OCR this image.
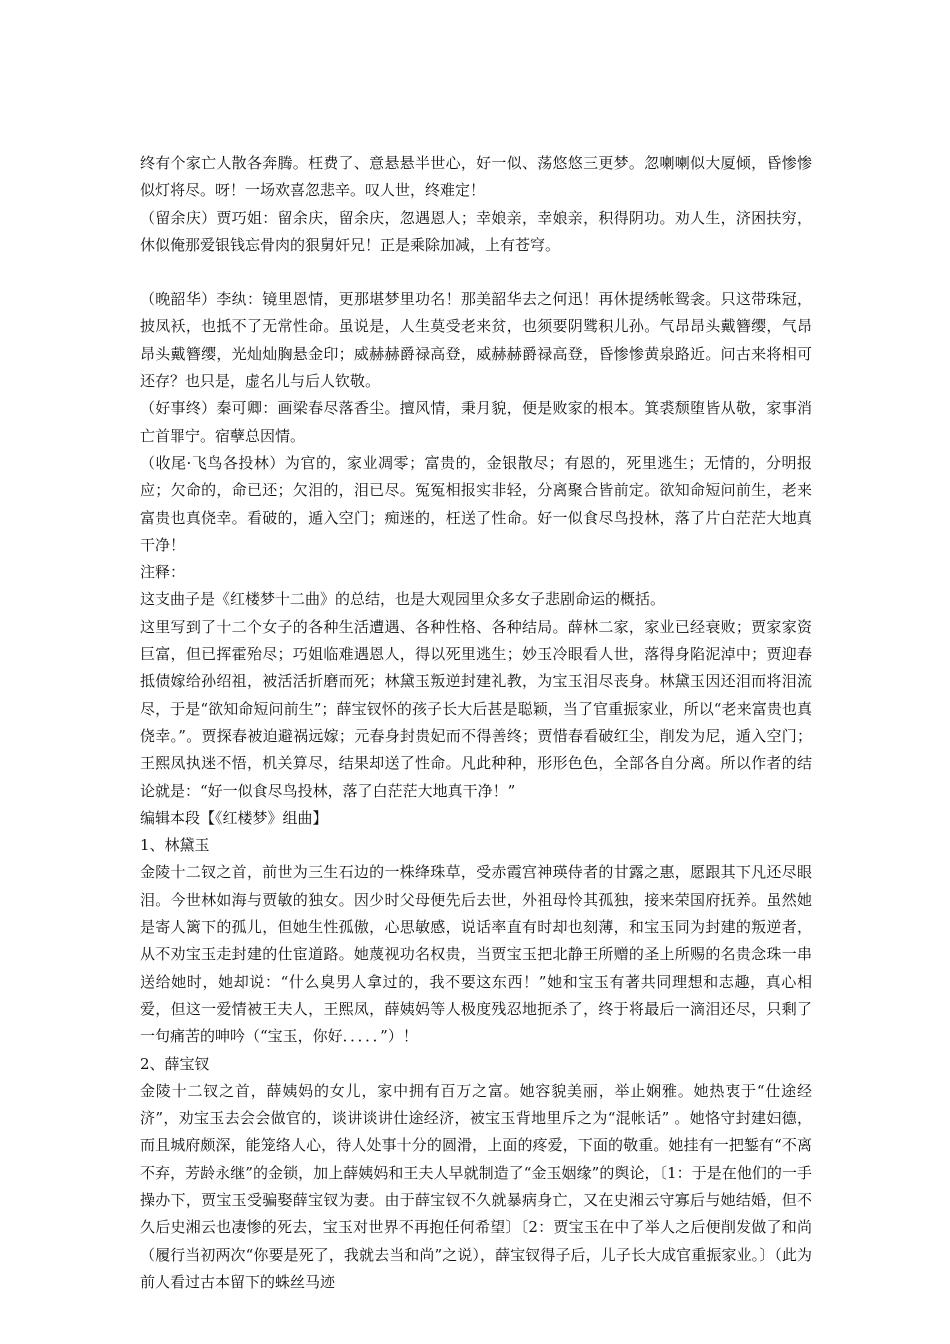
终有个家亡人散各奔腾。枉费了、意悬悬半世心，好一似、荡悠悠三更梦。忽喇喇似大厦倾，昏惨惨似灯将尽。呀！一场欢喜忽悲辛。叹人世，终难定！

（留余庆）贾巧姐：留余庆，留余庆，忽遇恩人；幸娘亲，幸娘亲，积得阴功。劝人生，济困扶穷，休似俺那爱银钱忘骨肉的狠舅奸兄！正是乘除加减，上有苍穹。

（晚韶华）李纨：镜里恩情，更那堪梦里功名！那美韶华去之何迅！再休提绣帐鸳衾。只这带珠冠，披凤袄，也抵不了无常性命。虽说是，人生莫受老来贫，也须要阴骘积儿孙。气昂昂头戴簪缨，气昂昂头戴簪缨，光灿灿胸悬金印；威赫赫爵禄高登，威赫赫爵禄高登，昏惨惨黄泉路近。问古来将相可还存？也只是，虚名儿与后人钦敬。

（好事终）秦可卿：画梁春尽落香尘。擅风情，秉月貌，便是败家的根本。箕裘颓堕皆从敬，家事消亡首罪宁。宿孽总因情。

（收尾·飞鸟各投林）为官的，家业凋零；富贵的，金银散尽；有恩的，死里逃生；无情的，分明报应；欠命的，命已还；欠泪的，泪已尽。冤冤相报实非轻，分离聚合皆前定。欲知命短问前生，老来富贵也真侥幸。看破的，遁入空门；痴迷的，枉送了性命。好一似食尽鸟投林，落了片白茫茫大地真干净！

注释：

这支曲子是《红楼梦十二曲》的总结，也是大观园里众多女子悲剧命运的概括。

这里写到了十二个女子的各种生活遭遇、各种性格、各种结局。薛林二家，家业已经衰败；贾家家资巨富，但已挥霍殆尽；巧姐临难遇恩人，得以死里逃生；妙玉冷眼看人世，落得身陷泥淖中；贾迎春抵债嫁给孙绍祖，被活活折磨而死；林黛玉叛逆封建礼教，为宝玉泪尽丧身。林黛玉因还泪而将泪流尽，于是“欲知命短问前生”；薛宝钗怀的孩子长大后甚是聪颖，当了官重振家业，所以“老来富贵也真侥幸。”。贾探春被迫避祸远嫁；元春身封贵妃而不得善终；贾惜春看破红尘，削发为尼，遁入空门；王熙凤执迷不悟，机关算尽，结果却送了性命。凡此种种，形形色色，全部各自分离。所以作者的结论就是：“好一似食尽鸟投林，落了白茫茫大地真干净！”

编辑本段【《红楼梦》组曲】

1、林黛玉

金陵十二钗之首，前世为三生石边的一株绛珠草，受赤霞宫神瑛侍者的甘露之惠，愿跟其下凡还尽眼泪。今世林如海与贾敏的独女。因少时父母便先后去世，外祖母怜其孤独，接来荣国府抚养。虽然她是寄人篱下的孤儿，但她生性孤傲，心思敏感，说话率直有时却也刻薄，和宝玉同为封建的叛逆者，从不劝宝玉走封建的仕宦道路。她蔑视功名权贵，当贾宝玉把北静王所赠的圣上所赐的名贵念珠一串送给她时，她却说：“什么臭男人拿过的，我不要这东西！”她和宝玉有著共同理想和志趣，真心相爱，但这一爱情被王夫人，王熙凤，薛姨妈等人极度残忍地扼杀了，终于将最后一滴泪还尽，只剩了一句痛苦的呻吟（“宝玉，你好．．．．．”）！

2、薛宝钗

金陵十二钗之首，薛姨妈的女儿，家中拥有百万之富。她容貌美丽，举止娴雅。她热衷于“仕途经济”，劝宝玉去会会做官的，谈讲谈讲仕途经济，被宝玉背地里斥之为“混帐话” 。她恪守封建妇德，而且城府颇深，能笼络人心，待人处事十分的圆滑，上面的疼爱，下面的敬重。她挂有一把錾有“不离不弃，芳龄永继”的金锁，加上薛姨妈和王夫人早就制造了“金玉姻缘”的舆论，〔1：于是在他们的一手操办下，贾宝玉受骗娶薛宝钗为妻。由于薛宝钗不久就暴病身亡，又在史湘云守寡后与她结婚，但不久后史湘云也凄惨的死去，宝玉对世界不再抱任何希望〕〔2：贾宝玉在中了举人之后便削发做了和尚（履行当初两次“你要是死了，我就去当和尚”之说），薛宝钗得子后，儿子长大成官重振家业。〕（此为前人看过古本留下的蛛丝马迹
